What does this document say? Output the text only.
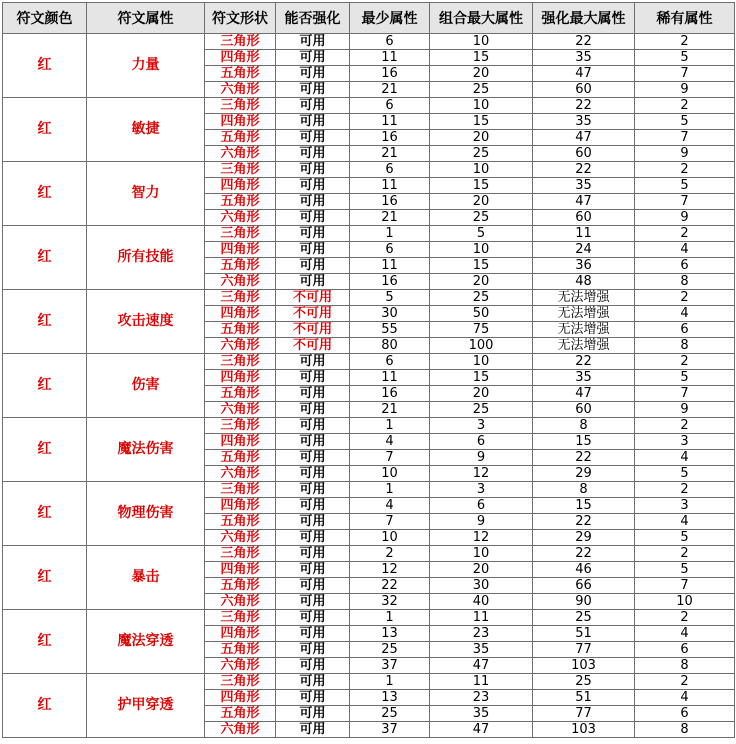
符文颜色	符文属性	符文形状	能否强化	最少属性	组合最大属性	强化最大属性	稀有属性
红	力量	三角形	可用	6	10	22	2
		四角形	可用	11	15	35	5
		五角形	可用	16	20	47	7
		六角形	可用	21	25	60	9
红	敏捷	三角形	可用	6	10	22	2
		四角形	可用	11	15	35	5
		五角形	可用	16	20	47	7
		六角形	可用	21	25	60	9
红	智力	三角形	可用	6	10	22	2
		四角形	可用	11	15	35	5
		五角形	可用	16	20	47	7
		六角形	可用	21	25	60	9
红	所有技能	三角形	可用	1	5	11	2
		四角形	可用	6	10	24	4
		五角形	可用	11	15	36	6
		六角形	可用	16	20	48	8
红	攻击速度	三角形	不可用	5	25	无法增强	2
		四角形	不可用	30	50	无法增强	4
		五角形	不可用	55	75	无法增强	6
		六角形	不可用	80	100	无法增强	8
红	伤害	三角形	可用	6	10	22	2
		四角形	可用	11	15	35	5
		五角形	可用	16	20	47	7
		六角形	可用	21	25	60	9
红	魔法伤害	三角形	可用	1	3	8	2
		四角形	可用	4	6	15	3
		五角形	可用	7	9	22	4
		六角形	可用	10	12	29	5
红	物理伤害	三角形	可用	1	3	8	2
		四角形	可用	4	6	15	3
		五角形	可用	7	9	22	4
		六角形	可用	10	12	29	5
红	暴击	三角形	可用	2	10	22	2
		四角形	可用	12	20	46	5
		五角形	可用	22	30	66	7
		六角形	可用	32	40	90	10
红	魔法穿透	三角形	可用	1	11	25	2
		四角形	可用	13	23	51	4
		五角形	可用	25	35	77	6
		六角形	可用	37	47	103	8
红	护甲穿透	三角形	可用	1	11	25	2
		四角形	可用	13	23	51	4
		五角形	可用	25	35	77	6
		六角形	可用	37	47	103	8
